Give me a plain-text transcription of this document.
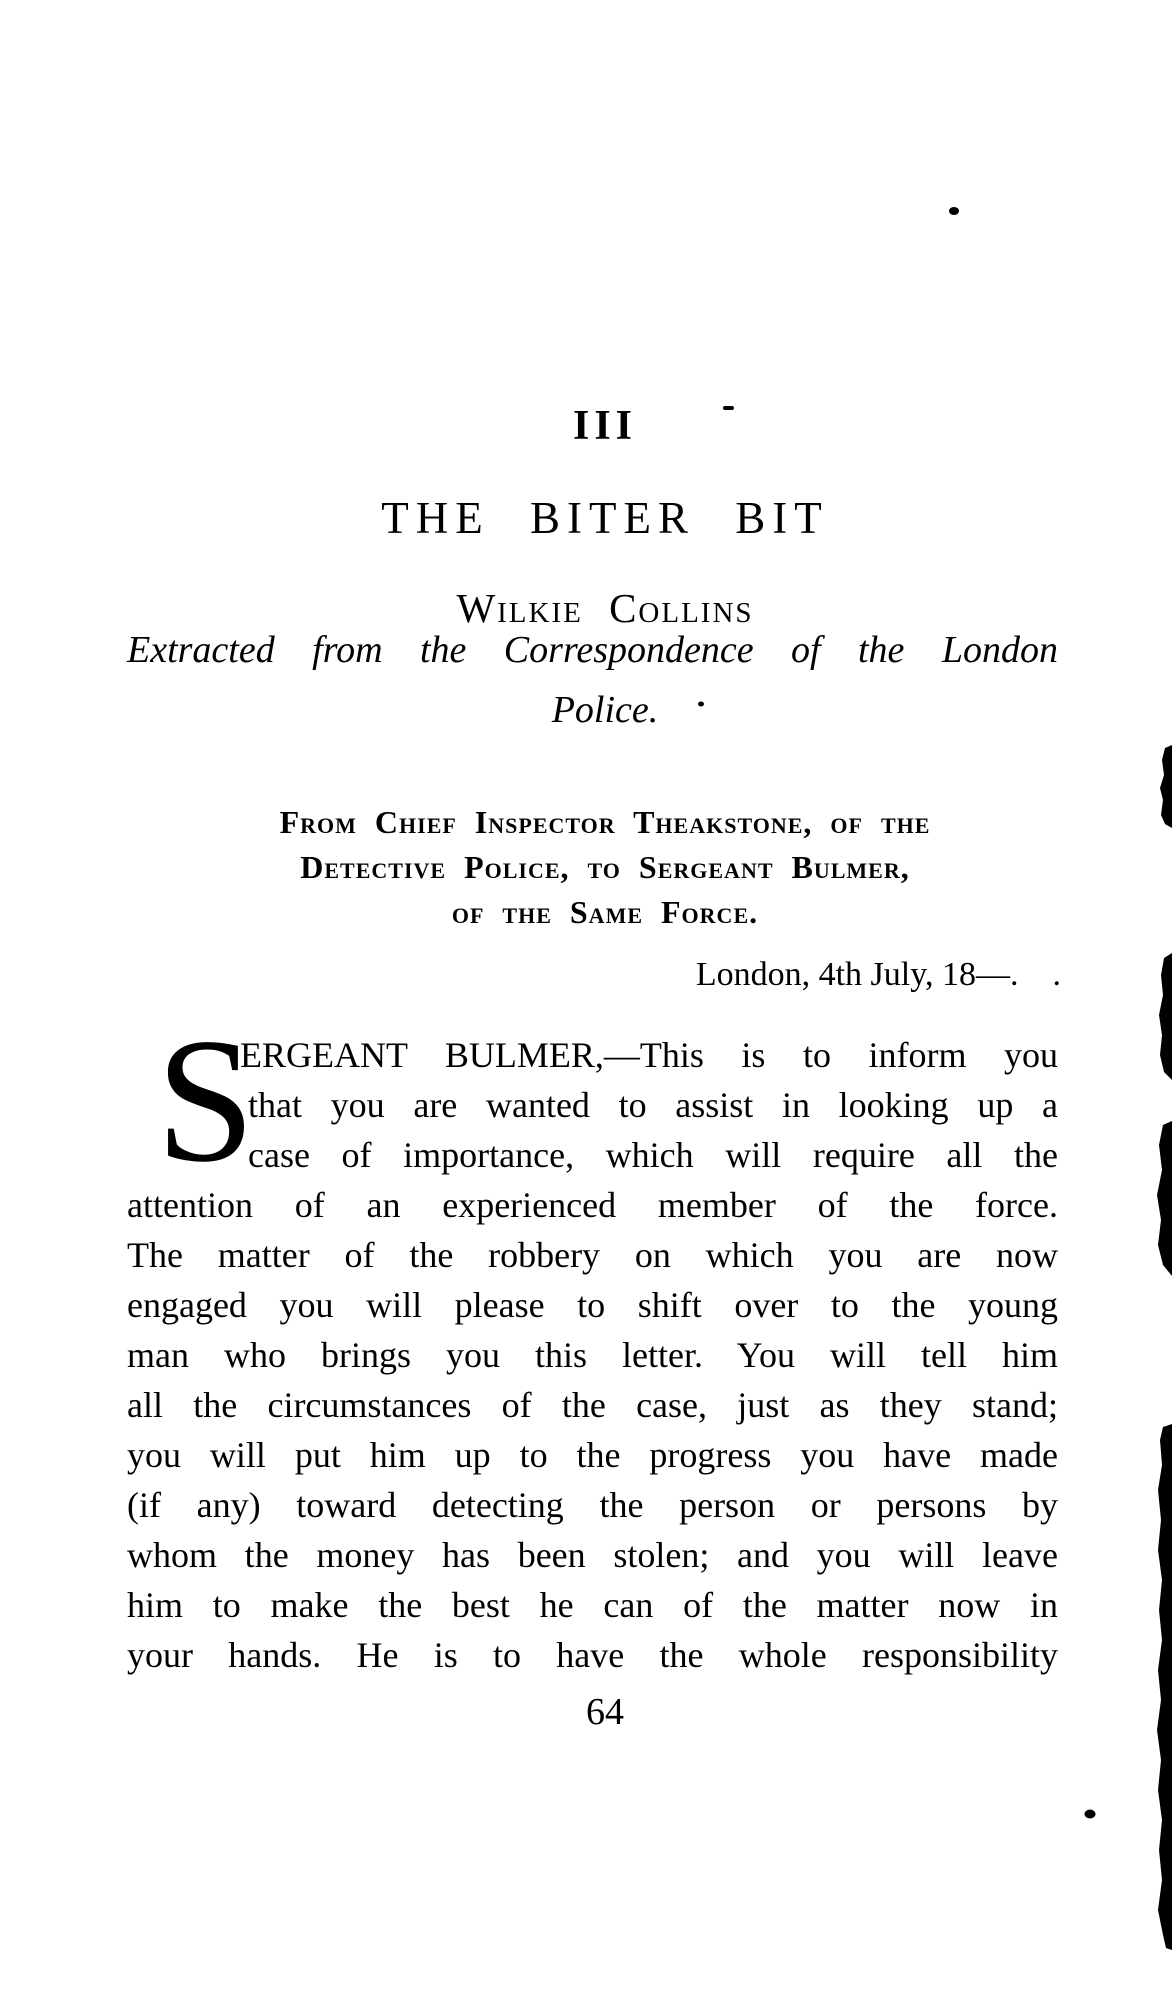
III
THE BITER BIT
Wilkie Collins
Extracted from the Correspondence of the London
Police.
From Chief Inspector Theakstone, of the
Detective Police, to Sergeant Bulmer,
of the Same Force.
London, 4th July, 18—. .
S
ERGEANT BULMER,—This is to inform you
that you are wanted to assist in looking up a
case of importance, which will require all the
attention of an experienced member of the force.
The matter of the robbery on which you are now
engaged you will please to shift over to the young
man who brings you this letter. You will tell him
all the circumstances of the case, just as they stand;
you will put him up to the progress you have made
(if any) toward detecting the person or persons by
whom the money has been stolen; and you will leave
him to make the best he can of the matter now in
your hands. He is to have the whole responsibility
64
